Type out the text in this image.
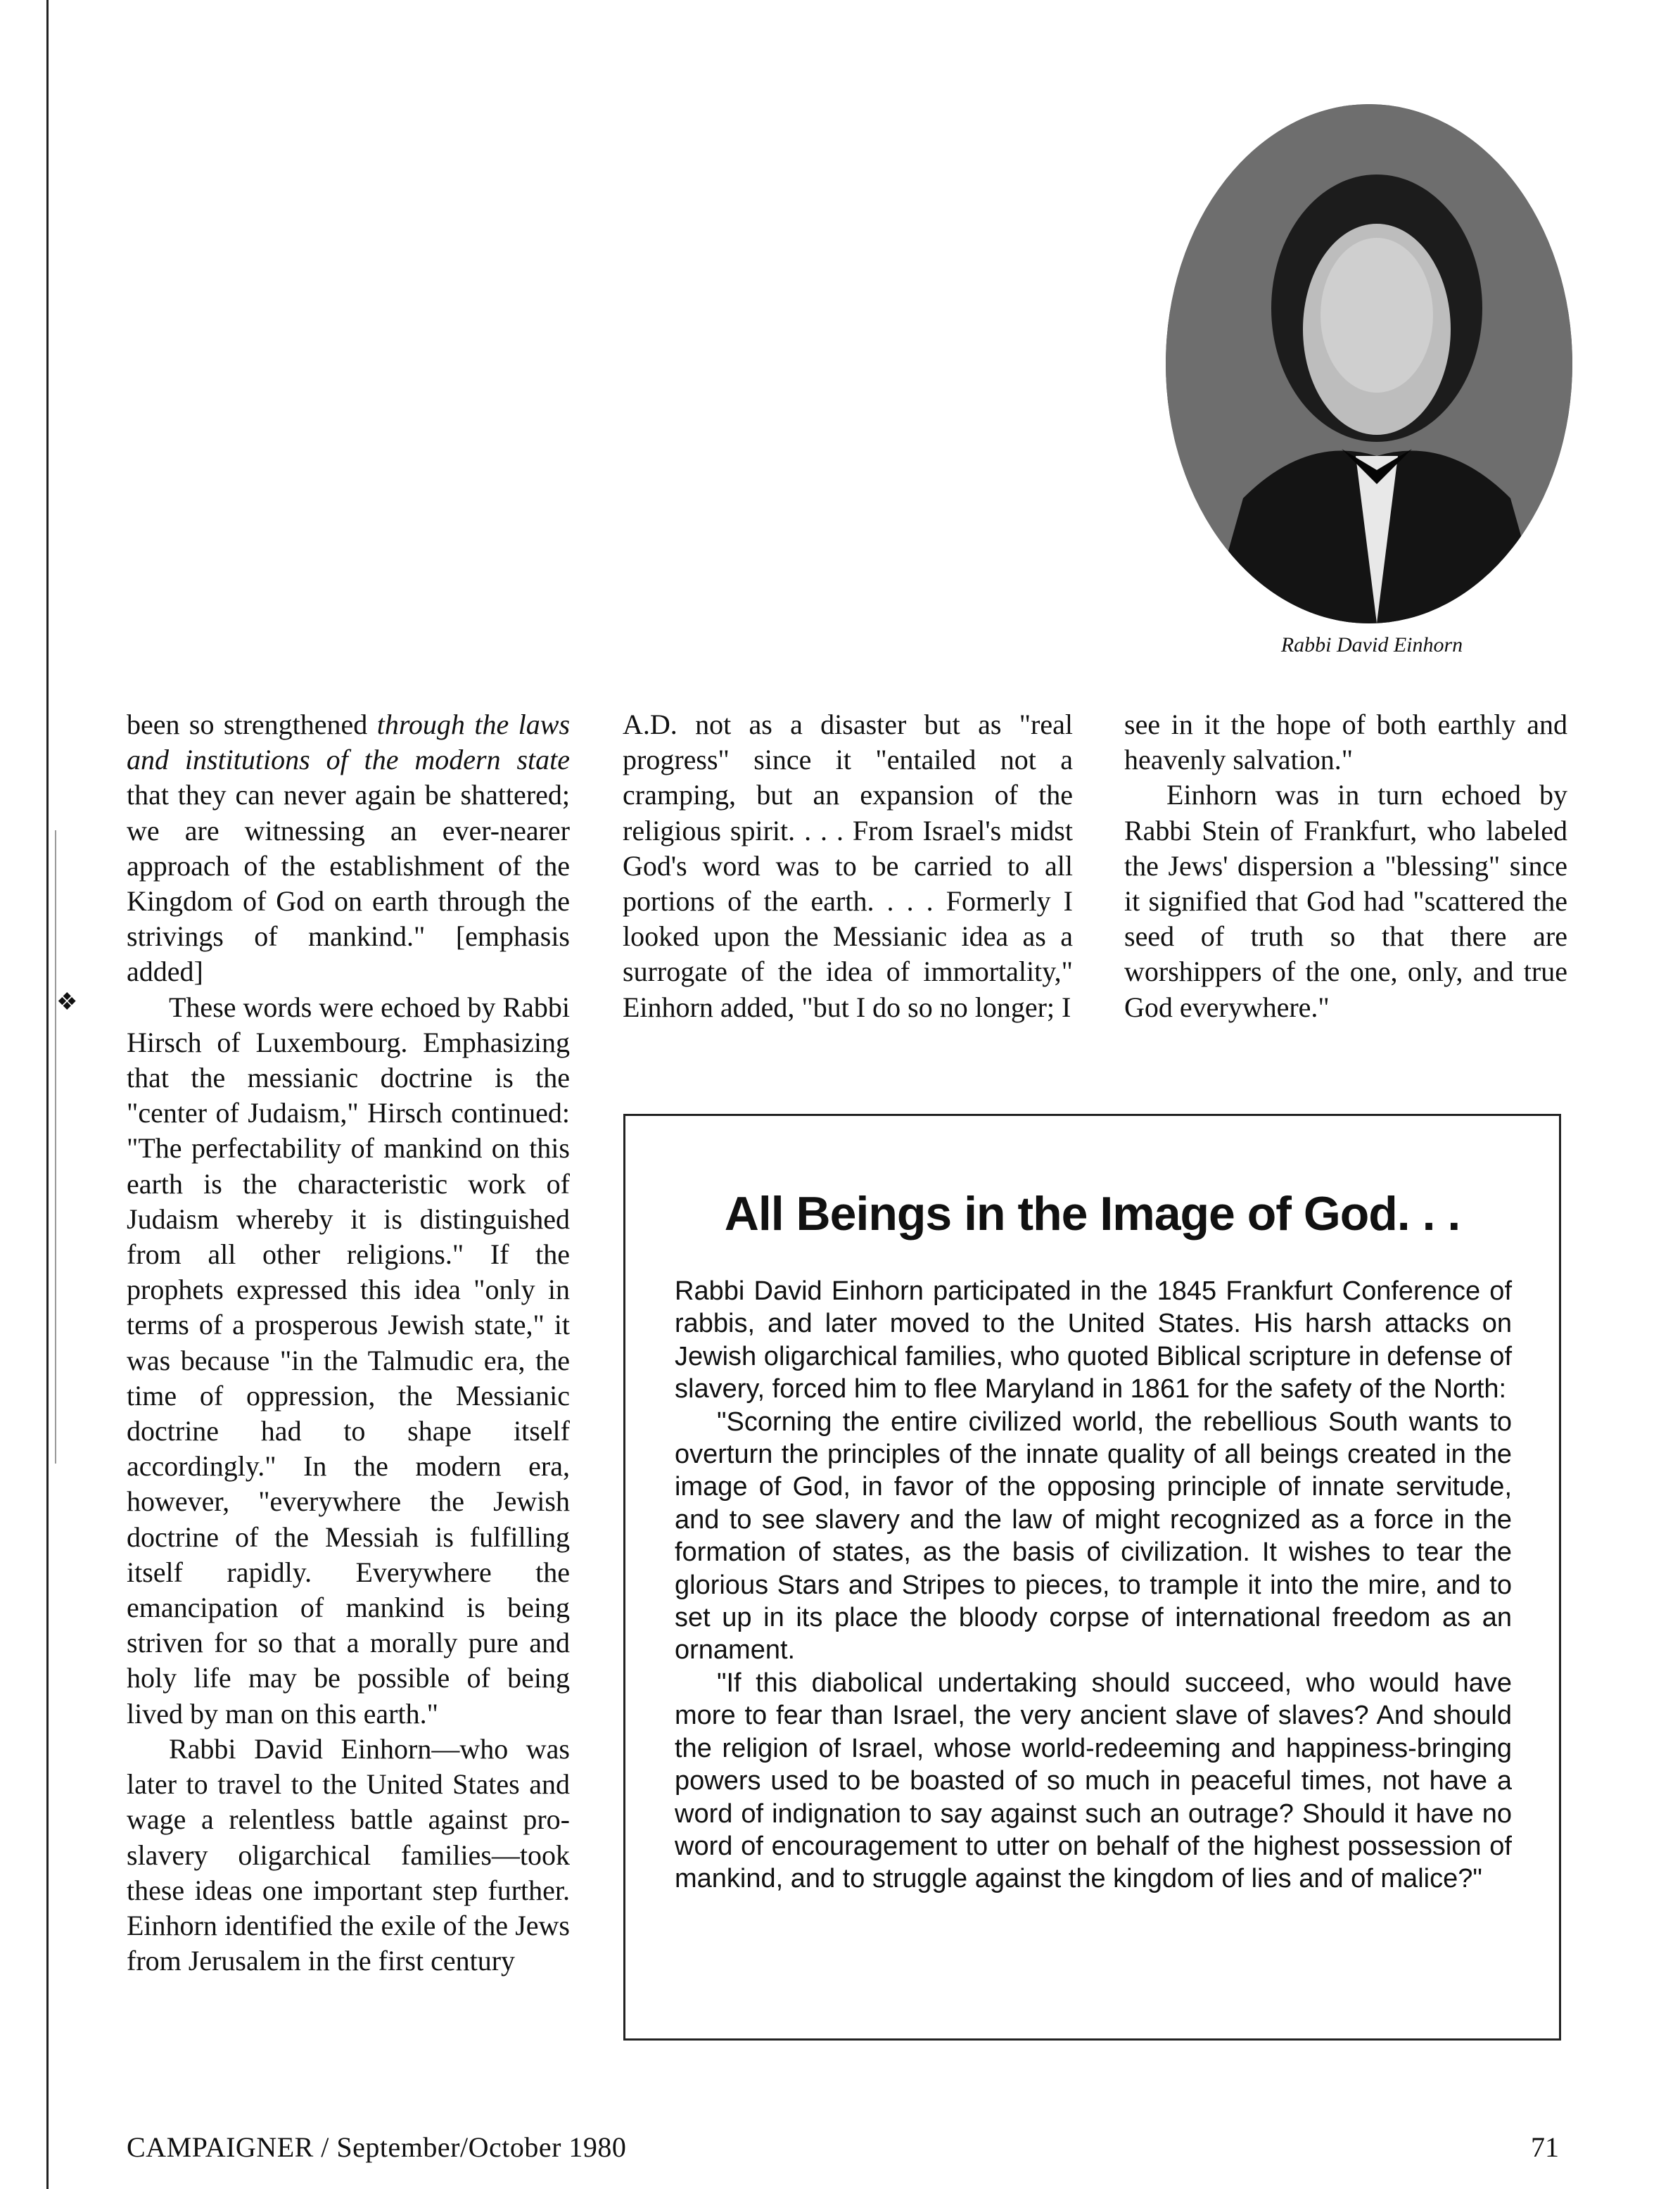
❖
Rabbi David Einhorn

been so strengthened through the laws and institutions of the modern state that they can never again be shattered; we are witnessing an ever-nearer approach of the establishment of the Kingdom of God on earth through the strivings of mankind." [emphasis added]

These words were echoed by Rabbi Hirsch of Luxembourg. Emphasizing that the messianic doctrine is the "center of Judaism," Hirsch continued: "The perfectability of mankind on this earth is the characteristic work of Judaism whereby it is distinguished from all other religions." If the prophets expressed this idea "only in terms of a prosperous Jewish state," it was because "in the Talmudic era, the time of oppression, the Messianic doctrine had to shape itself accordingly." In the modern era, however, "everywhere the Jewish doctrine of the Messiah is fulfilling itself rapidly. Everywhere the emancipation of mankind is being striven for so that a morally pure and holy life may be possible of being lived by man on this earth."

Rabbi David Einhorn—who was later to travel to the United States and wage a relentless battle against pro-slavery oligarchical families—took these ideas one important step further. Einhorn identified the exile of the Jews from Jerusalem in the first century

A.D. not as a disaster but as "real progress" since it "entailed not a cramping, but an expansion of the religious spirit. . . . From Israel's midst God's word was to be carried to all portions of the earth. . . . Formerly I looked upon the Messianic idea as a surrogate of the idea of immortality," Einhorn added, "but I do so no longer; I

see in it the hope of both earthly and heavenly salvation."

Einhorn was in turn echoed by Rabbi Stein of Frankfurt, who labeled the Jews' dispersion a "blessing" since it signified that God had "scattered the seed of truth so that there are worshippers of the one, only, and true God everywhere."

All Beings in the Image of God. . .

Rabbi David Einhorn participated in the 1845 Frankfurt Conference of rabbis, and later moved to the United States. His harsh attacks on Jewish oligarchical families, who quoted Biblical scripture in defense of slavery, forced him to flee Maryland in 1861 for the safety of the North:

"Scorning the entire civilized world, the rebellious South wants to overturn the principles of the innate quality of all beings created in the image of God, in favor of the opposing principle of innate servitude, and to see slavery and the law of might recognized as a force in the formation of states, as the basis of civilization. It wishes to tear the glorious Stars and Stripes to pieces, to trample it into the mire, and to set up in its place the bloody corpse of international freedom as an ornament.

"If this diabolical undertaking should succeed, who would have more to fear than Israel, the very ancient slave of slaves? And should the religion of Israel, whose world-redeeming and happiness-bringing powers used to be boasted of so much in peaceful times, not have a word of indignation to say against such an outrage? Should it have no word of encouragement to utter on behalf of the highest possession of mankind, and to struggle against the kingdom of lies and of malice?"

CAMPAIGNER / September/October 1980	71
